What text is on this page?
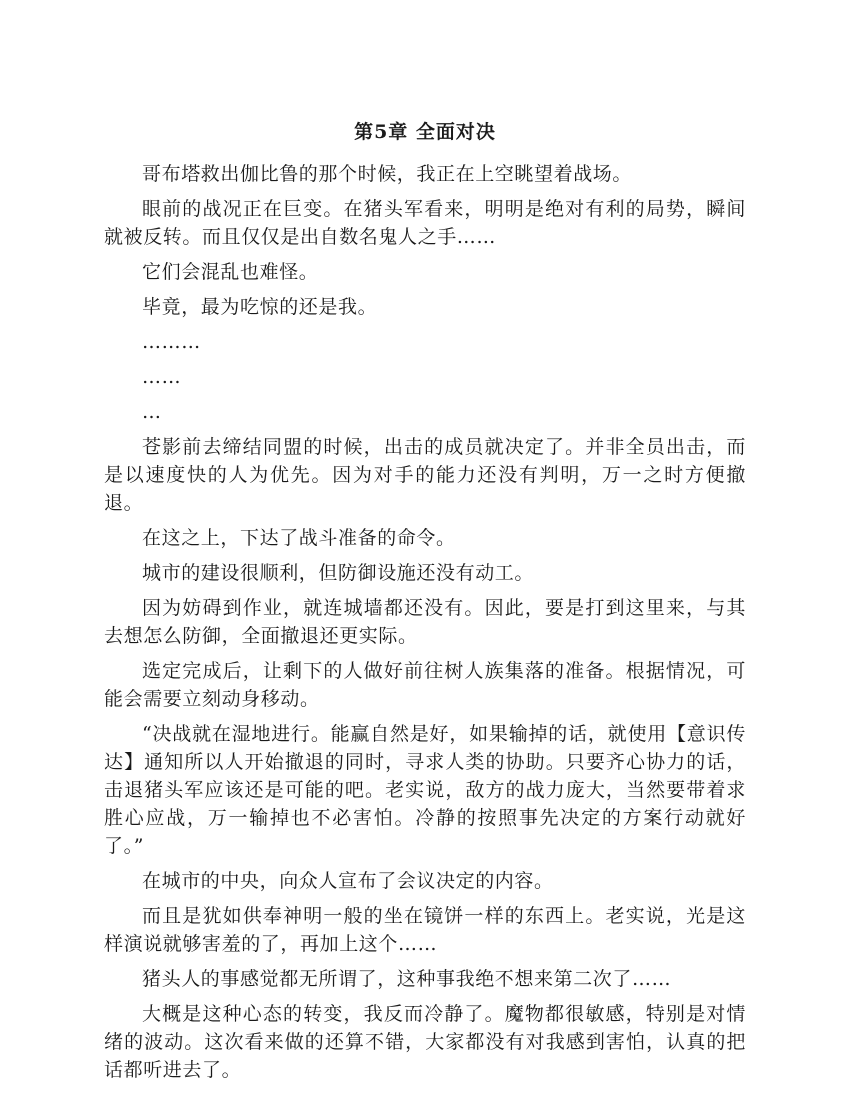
第5章 全面对决

哥布塔救出伽比鲁的那个时候，我正在上空眺望着战场。

眼前的战况正在巨变。在猪头军看来，明明是绝对有利的局势，瞬间就被反转。而且仅仅是出自数名鬼人之手……

它们会混乱也难怪。

毕竟，最为吃惊的还是我。

………

……

…

苍影前去缔结同盟的时候，出击的成员就决定了。并非全员出击，而是以速度快的人为优先。因为对手的能力还没有判明，万一之时方便撤退。

在这之上，下达了战斗准备的命令。

城市的建设很顺利，但防御设施还没有动工。

因为妨碍到作业，就连城墙都还没有。因此，要是打到这里来，与其去想怎么防御，全面撤退还更实际。

选定完成后，让剩下的人做好前往树人族集落的准备。根据情况，可能会需要立刻动身移动。

“决战就在湿地进行。能赢自然是好，如果输掉的话，就使用【意识传达】通知所以人开始撤退的同时，寻求人类的协助。只要齐心协力的话，击退猪头军应该还是可能的吧。老实说，敌方的战力庞大，当然要带着求胜心应战，万一输掉也不必害怕。冷静的按照事先决定的方案行动就好了。”

在城市的中央，向众人宣布了会议决定的内容。

而且是犹如供奉神明一般的坐在镜饼一样的东西上。老实说，光是这样演说就够害羞的了，再加上这个……

猪头人的事感觉都无所谓了，这种事我绝不想来第二次了……

大概是这种心态的转变，我反而冷静了。魔物都很敏感，特别是对情绪的波动。这次看来做的还算不错，大家都没有对我感到害怕，认真的把话都听进去了。
